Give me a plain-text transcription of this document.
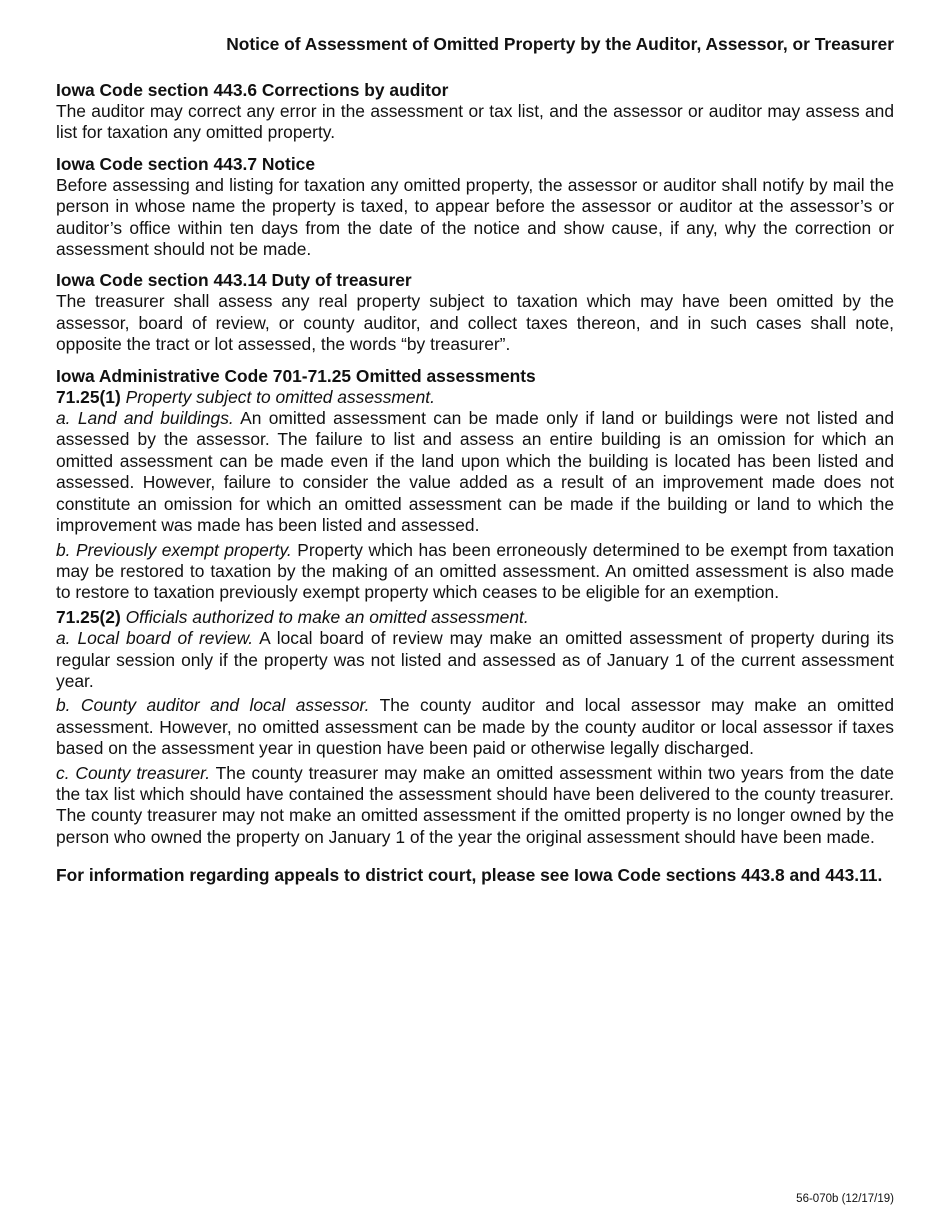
Notice of Assessment of Omitted Property by the Auditor, Assessor, or Treasurer
Iowa Code section 443.6 Corrections by auditor

The auditor may correct any error in the assessment or tax list, and the assessor or auditor may assess and list for taxation any omitted property.

Iowa Code section 443.7 Notice

Before assessing and listing for taxation any omitted property, the assessor or auditor shall notify by mail the person in whose name the property is taxed, to appear before the assessor or auditor at the assessor’s or auditor’s office within ten days from the date of the notice and show cause, if any, why the correction or assessment should not be made.

Iowa Code section 443.14 Duty of treasurer

The treasurer shall assess any real property subject to taxation which may have been omitted by the assessor, board of review, or county auditor, and collect taxes thereon, and in such cases shall note, opposite the tract or lot assessed, the words “by treasurer”.

Iowa Administrative Code 701-71.25 Omitted assessments
71.25(1) Property subject to omitted assessment.

a. Land and buildings. An omitted assessment can be made only if land or buildings were not listed and assessed by the assessor. The failure to list and assess an entire building is an omission for which an omitted assessment can be made even if the land upon which the building is located has been listed and assessed. However, failure to consider the value added as a result of an improvement made does not constitute an omission for which an omitted assessment can be made if the building or land to which the improvement was made has been listed and assessed.

b. Previously exempt property. Property which has been erroneously determined to be exempt from taxation may be restored to taxation by the making of an omitted assessment. An omitted assessment is also made to restore to taxation previously exempt property which ceases to be eligible for an exemption.

71.25(2) Officials authorized to make an omitted assessment.

a. Local board of review. A local board of review may make an omitted assessment of property during its regular session only if the property was not listed and assessed as of January 1 of the current assessment year.

b. County auditor and local assessor. The county auditor and local assessor may make an omitted assessment. However, no omitted assessment can be made by the county auditor or local assessor if taxes based on the assessment year in question have been paid or otherwise legally discharged.

c. County treasurer. The county treasurer may make an omitted assessment within two years from the date the tax list which should have contained the assessment should have been delivered to the county treasurer. The county treasurer may not make an omitted assessment if the omitted property is no longer owned by the person who owned the property on January 1 of the year the original assessment should have been made.

For information regarding appeals to district court, please see Iowa Code sections 443.8 and 443.11.
56-070b (12/17/19)
